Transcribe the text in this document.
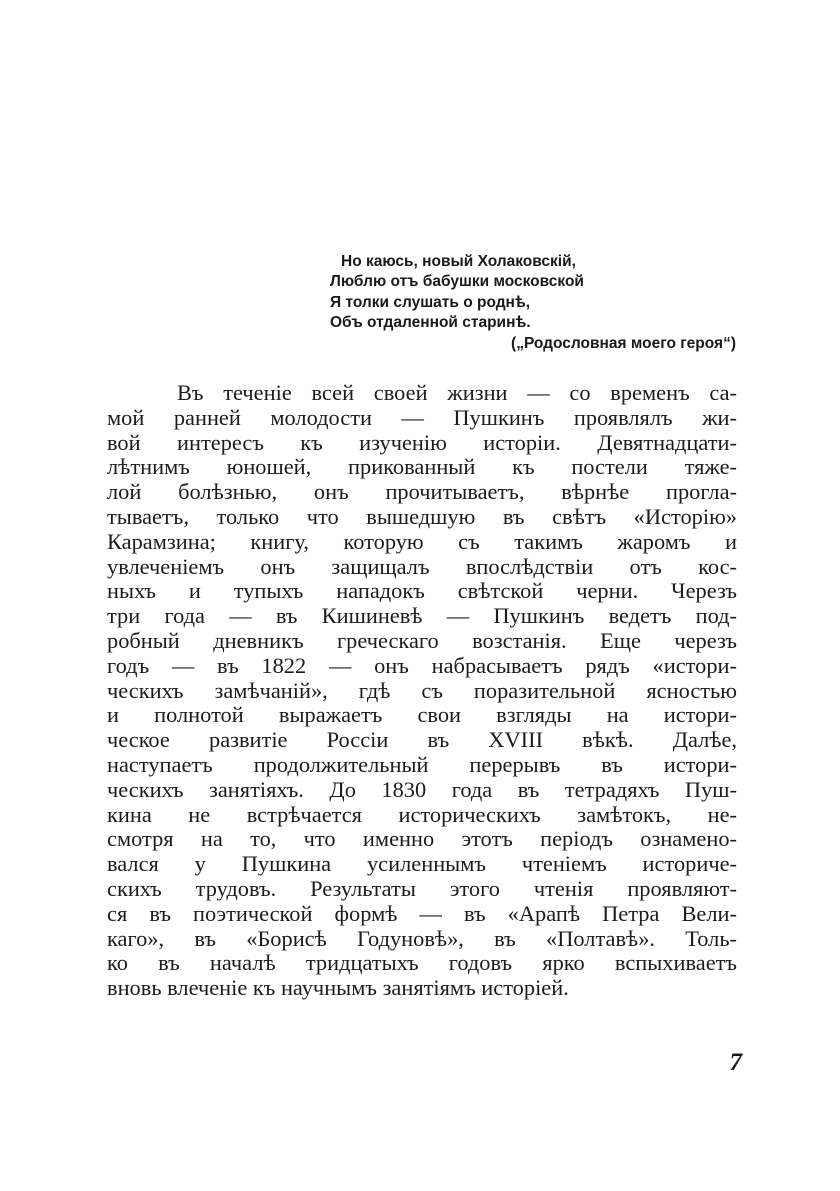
Но каюсь, новый Холаковскій,
Люблю отъ бабушки московской
Я толки слушать о роднѣ,
Объ отдаленной старинѣ.
(„Родословная моего героя“)
Въ теченіе всей своей жизни — со временъ са-
мой ранней молодости — Пушкинъ проявлялъ жи-
вой интересъ къ изученію исторіи. Девятнадцати-
лѣтнимъ юношей, прикованный къ постели тяже-
лой болѣзнью, онъ прочитываетъ, вѣрнѣе прогла-
тываетъ, только что вышедшую въ свѣтъ «Исторію»
Карамзина; книгу, которую съ такимъ жаромъ и
увлеченіемъ онъ защищалъ впослѣдствіи отъ кос-
ныхъ и тупыхъ нападокъ свѣтской черни. Черезъ
три года — въ Кишиневѣ — Пушкинъ ведетъ под-
робный дневникъ греческаго возстанія. Еще черезъ
годъ — въ 1822 — онъ набрасываетъ рядъ «истори-
ческихъ замѣчаній», гдѣ съ поразительной ясностью
и полнотой выражаетъ свои взгляды на истори-
ческое развитіе Россіи въ XVIII вѣкѣ. Далѣе,
наступаетъ продолжительный перерывъ въ истори-
ческихъ занятіяхъ. До 1830 года въ тетрадяхъ Пуш-
кина не встрѣчается историческихъ замѣтокъ, не-
смотря на то, что именно этотъ періодъ ознамено-
вался у Пушкина усиленнымъ чтеніемъ историче-
скихъ трудовъ. Результаты этого чтенія проявляют-
ся въ поэтической формѣ — въ «Арапѣ Петра Вели-
каго», въ «Борисѣ Годуновѣ», въ «Полтавѣ». Толь-
ко въ началѣ тридцатыхъ годовъ ярко вспыхиваетъ
вновь влеченіе къ научнымъ занятіямъ исторіей.
7
